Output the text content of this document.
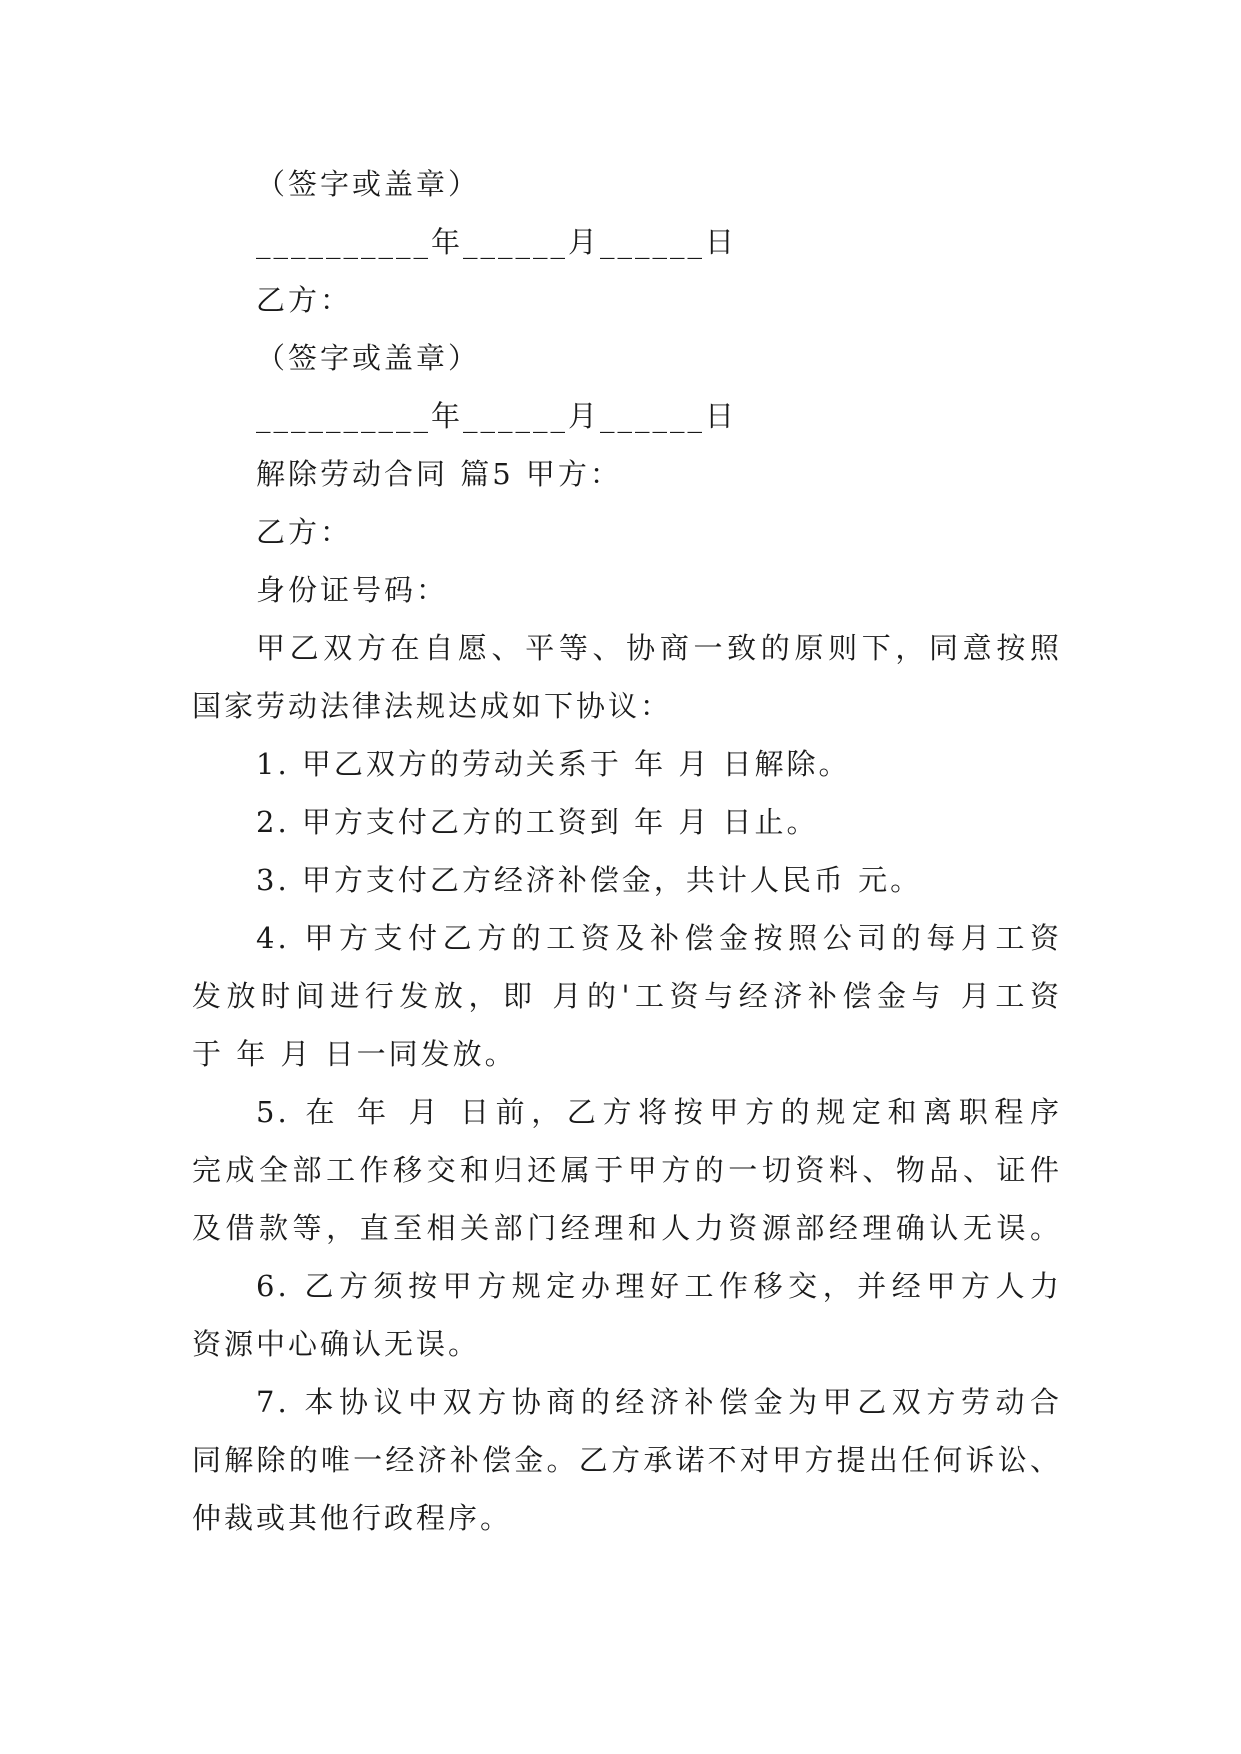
（签字或盖章）
__________年______月______日
乙方：
（签字或盖章）
__________年______月______日
解除劳动合同 篇5 甲方：
乙方：
身份证号码：
甲乙双方在自愿、平等、协商一致的原则下，同意按照
国家劳动法律法规达成如下协议：
1. 甲乙双方的劳动关系于 年 月 日解除。
2. 甲方支付乙方的工资到 年 月 日止。
3. 甲方支付乙方经济补偿金，共计人民币 元。
4. 甲方支付乙方的工资及补偿金按照公司的每月工资
发放时间进行发放，即 月的'工资与经济补偿金与 月工资
于 年 月 日一同发放。
5. 在 年 月 日前，乙方将按甲方的规定和离职程序
完成全部工作移交和归还属于甲方的一切资料、物品、证件
及借款等，直至相关部门经理和人力资源部经理确认无误。
6. 乙方须按甲方规定办理好工作移交，并经甲方人力
资源中心确认无误。
7. 本协议中双方协商的经济补偿金为甲乙双方劳动合
同解除的唯一经济补偿金。乙方承诺不对甲方提出任何诉讼、
仲裁或其他行政程序。
